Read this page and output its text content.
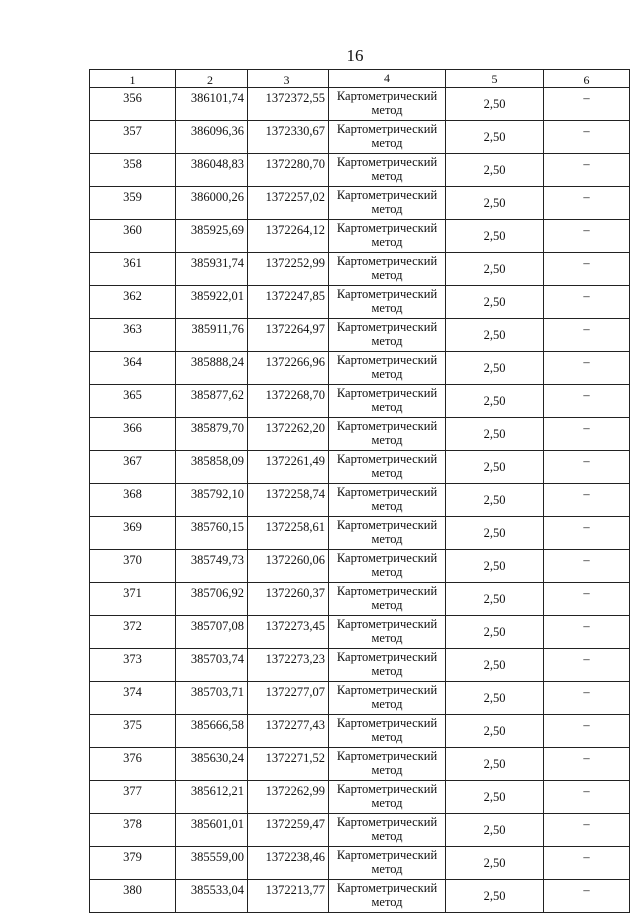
16
1	2	3	4	5	6
356	386101,74	1372372,55	Картометрический метод	2,50	–
357	386096,36	1372330,67	Картометрический метод	2,50	–
358	386048,83	1372280,70	Картометрический метод	2,50	–
359	386000,26	1372257,02	Картометрический метод	2,50	–
360	385925,69	1372264,12	Картометрический метод	2,50	–
361	385931,74	1372252,99	Картометрический метод	2,50	–
362	385922,01	1372247,85	Картометрический метод	2,50	–
363	385911,76	1372264,97	Картометрический метод	2,50	–
364	385888,24	1372266,96	Картометрический метод	2,50	–
365	385877,62	1372268,70	Картометрический метод	2,50	–
366	385879,70	1372262,20	Картометрический метод	2,50	–
367	385858,09	1372261,49	Картометрический метод	2,50	–
368	385792,10	1372258,74	Картометрический метод	2,50	–
369	385760,15	1372258,61	Картометрический метод	2,50	–
370	385749,73	1372260,06	Картометрический метод	2,50	–
371	385706,92	1372260,37	Картометрический метод	2,50	–
372	385707,08	1372273,45	Картометрический метод	2,50	–
373	385703,74	1372273,23	Картометрический метод	2,50	–
374	385703,71	1372277,07	Картометрический метод	2,50	–
375	385666,58	1372277,43	Картометрический метод	2,50	–
376	385630,24	1372271,52	Картометрический метод	2,50	–
377	385612,21	1372262,99	Картометрический метод	2,50	–
378	385601,01	1372259,47	Картометрический метод	2,50	–
379	385559,00	1372238,46	Картометрический метод	2,50	–
380	385533,04	1372213,77	Картометрический метод	2,50	–
